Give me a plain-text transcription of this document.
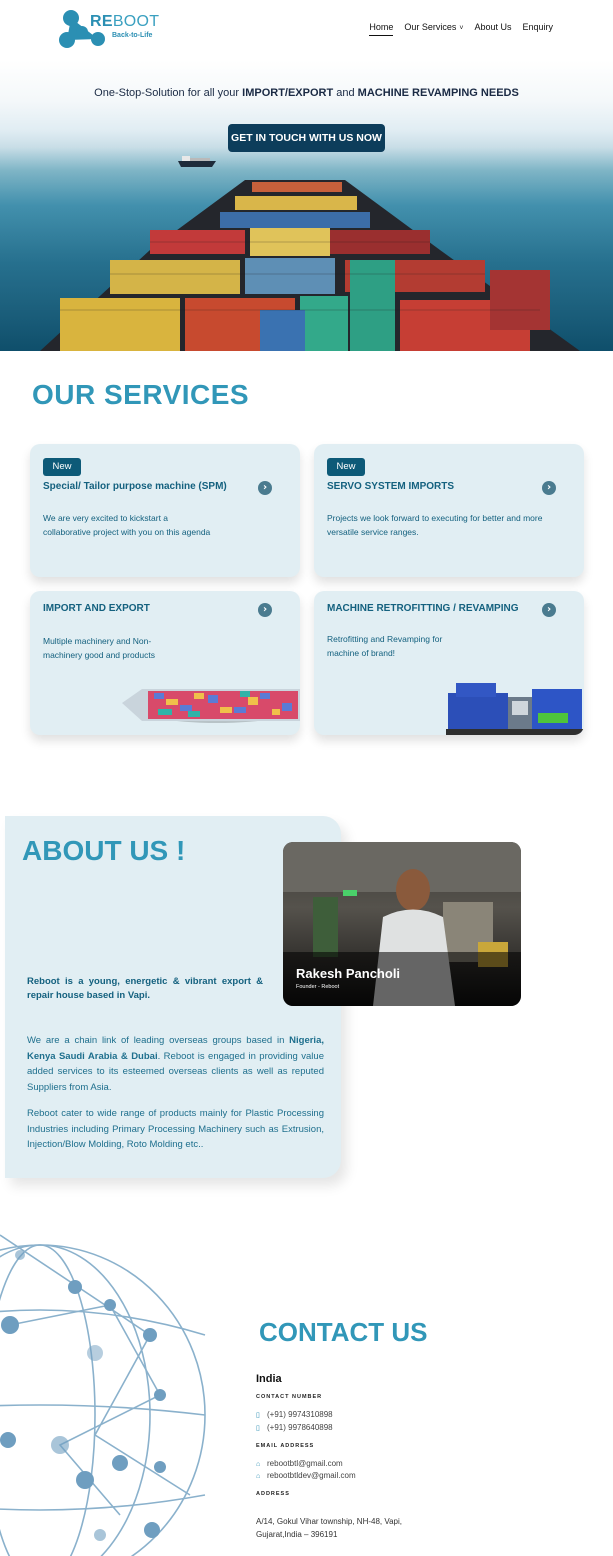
REBOOT
Back-to-Life
Home Our Services ˅ About Us Enquiry
One-Stop-Solution for all your IMPORT/EXPORT and MACHINE REVAMPING NEEDS
GET IN TOUCH WITH US NOW
OUR SERVICES
New
Special/ Tailor purpose machine (SPM)	›
We are very excited to kickstart a collaborative project with you on this agenda
New
SERVO SYSTEM IMPORTS	›
Projects we look forward to executing for better and more versatile service ranges.
IMPORT AND EXPORT	›
Multiple machinery and Non-machinery good and products
MACHINE RETROFITTING / REVAMPING	›
Retrofitting and Revamping for machine of brand!
ABOUT US !
Rakesh Pancholi
Founder - Reboot

Reboot is a young, energetic & vibrant export & repair house based in Vapi.

We are a chain link of leading overseas groups based in Nigeria, Kenya Saudi Arabia & Dubai. Reboot is engaged in providing value added services to its esteemed overseas clients as well as reputed Suppliers from Asia.

Reboot cater to wide range of products mainly for Plastic Processing Industries including Primary Processing Machinery such as Extrusion, Injection/Blow Molding, Roto Molding etc..

CONTACT US
India
CONTACT NUMBER
▯ (+91) 9974310898
▯ (+91) 9978640898
EMAIL ADDRESS
⌂ rebootbtl@gmail.com
⌂ rebootbtldev@gmail.com
ADDRESS
A/14, Gokul Vihar township, NH-48, Vapi, Gujarat,India – 396191
